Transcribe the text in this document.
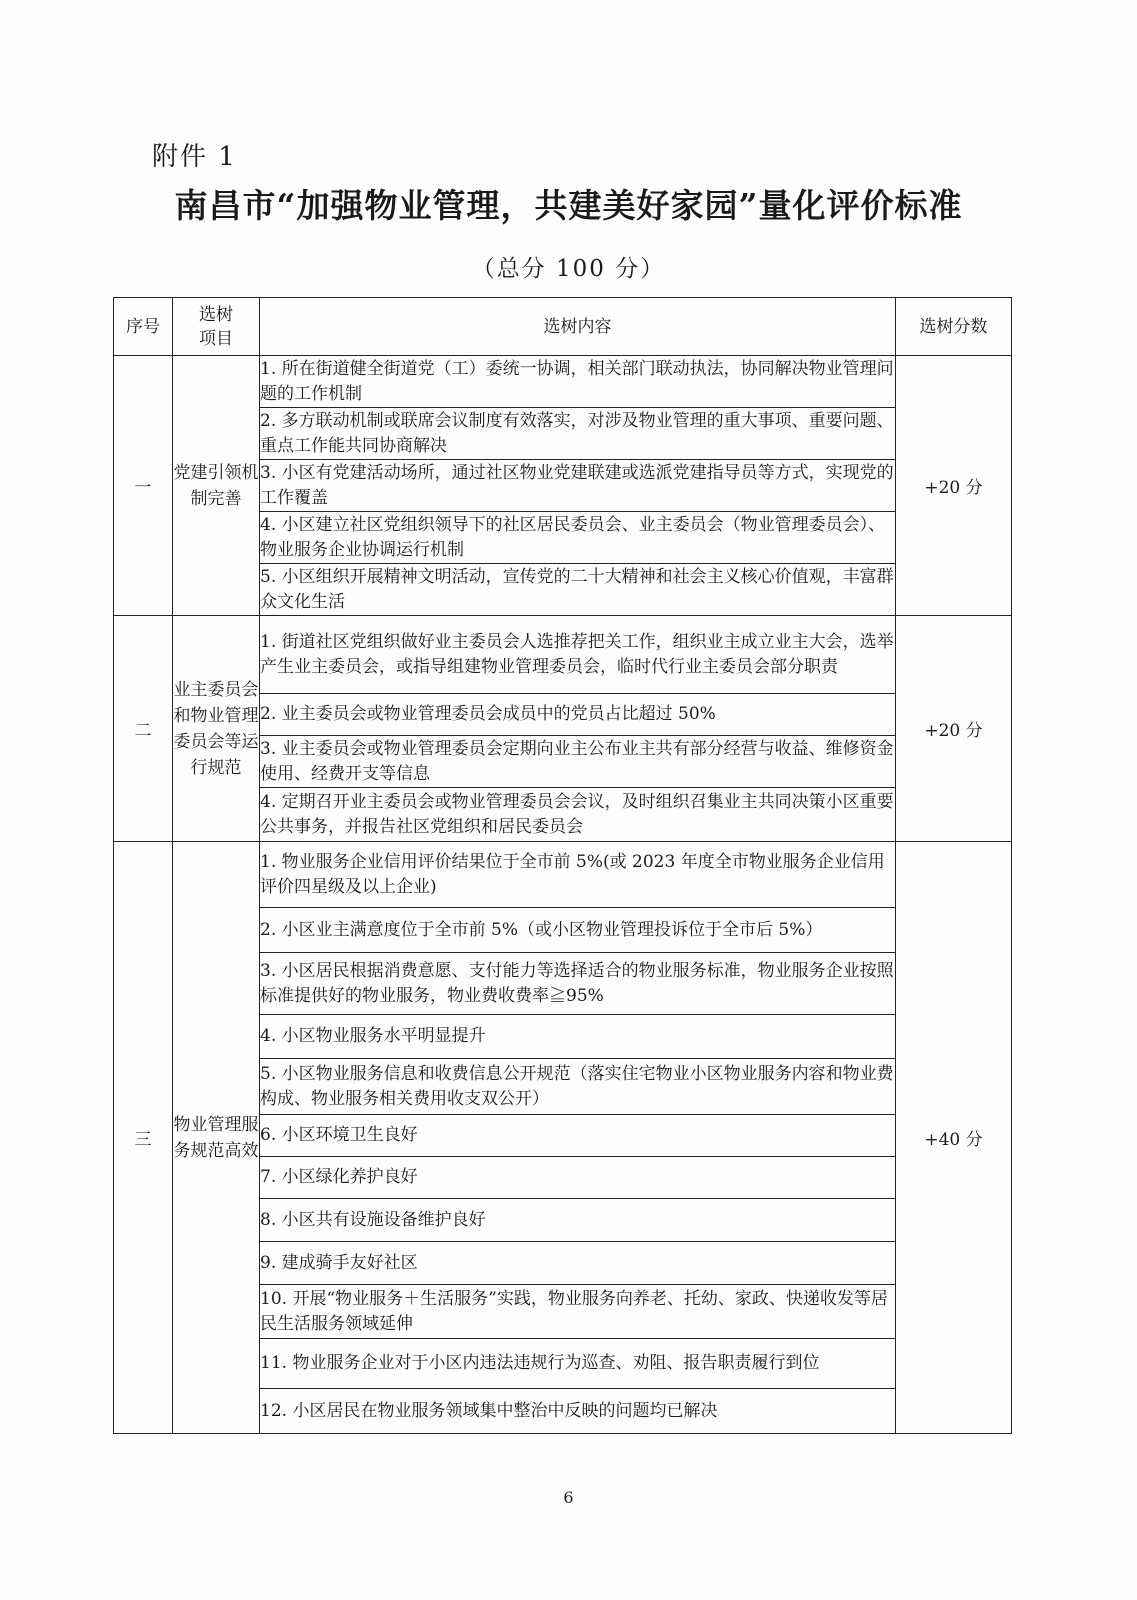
附件 1
南昌市“加强物业管理，共建美好家园”量化评价标准
（总分 100 分）
序号	选树项目	选树内容	选树分数
一	党建引领机制完善	1. 所在街道健全街道党（工）委统一协调，相关部门联动执法，协同解决物业管理问题的工作机制	+20 分
		2. 多方联动机制或联席会议制度有效落实，对涉及物业管理的重大事项、重要问题、重点工作能共同协商解决	
		3. 小区有党建活动场所，通过社区物业党建联建或选派党建指导员等方式，实现党的工作覆盖	
		4. 小区建立社区党组织领导下的社区居民委员会、业主委员会（物业管理委员会）、物业服务企业协调运行机制	
		5. 小区组织开展精神文明活动，宣传党的二十大精神和社会主义核心价值观，丰富群众文化生活	
二	业主委员会和物业管理委员会等运行规范	1. 街道社区党组织做好业主委员会人选推荐把关工作，组织业主成立业主大会，选举产生业主委员会，或指导组建物业管理委员会，临时代行业主委员会部分职责	+20 分
		2. 业主委员会或物业管理委员会成员中的党员占比超过 50%	
		3. 业主委员会或物业管理委员会定期向业主公布业主共有部分经营与收益、维修资金使用、经费开支等信息	
		4. 定期召开业主委员会或物业管理委员会会议，及时组织召集业主共同决策小区重要公共事务，并报告社区党组织和居民委员会	
三	物业管理服务规范高效	1. 物业服务企业信用评价结果位于全市前 5%(或 2023 年度全市物业服务企业信用评价四星级及以上企业)	+40 分
		2. 小区业主满意度位于全市前 5%（或小区物业管理投诉位于全市后 5%）	
		3. 小区居民根据消费意愿、支付能力等选择适合的物业服务标准，物业服务企业按照标准提供好的物业服务，物业费收费率≧95%	
		4. 小区物业服务水平明显提升	
		5. 小区物业服务信息和收费信息公开规范（落实住宅物业小区物业服务内容和物业费构成、物业服务相关费用收支双公开）	
		6. 小区环境卫生良好	
		7. 小区绿化养护良好	
		8. 小区共有设施设备维护良好	
		9. 建成骑手友好社区	
		10. 开展“物业服务＋生活服务”实践，物业服务向养老、托幼、家政、快递收发等居民生活服务领域延伸	
		11. 物业服务企业对于小区内违法违规行为巡查、劝阻、报告职责履行到位	
		12. 小区居民在物业服务领域集中整治中反映的问题均已解决	
6
